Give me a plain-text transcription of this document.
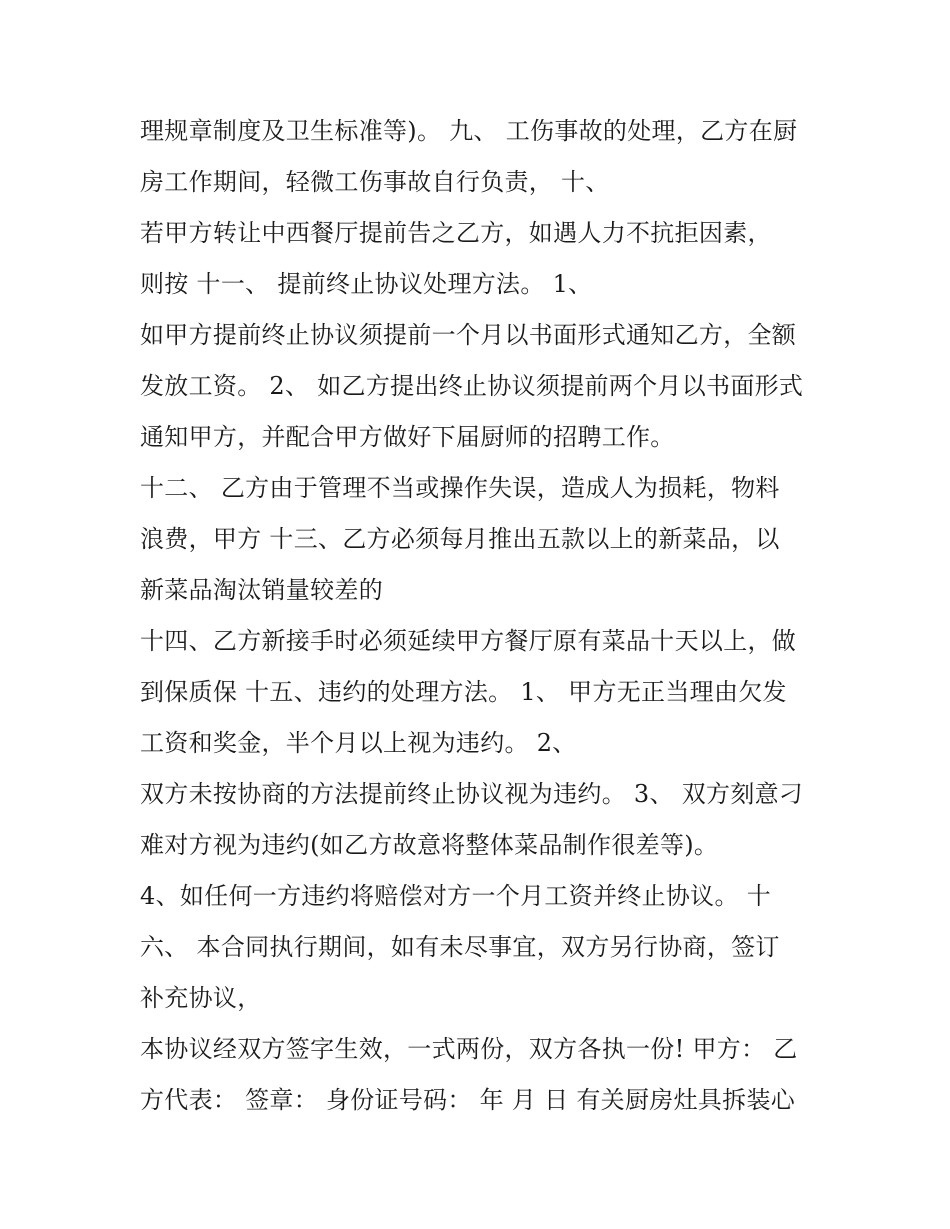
理规章制度及卫生标准等)。 九、 工伤事故的处理，乙方在厨
房工作期间，轻微工伤事故自行负责， 十、
若甲方转让中西餐厅提前告之乙方，如遇人力不抗拒因素，
则按 十一、 提前终止协议处理方法。 1、
如甲方提前终止协议须提前一个月以书面形式通知乙方，全额
发放工资。 2、 如乙方提出终止协议须提前两个月以书面形式
通知甲方，并配合甲方做好下届厨师的招聘工作。
十二、 乙方由于管理不当或操作失误，造成人为损耗，物料
浪费，甲方 十三、乙方必须每月推出五款以上的新菜品，以
新菜品淘汰销量较差的
十四、乙方新接手时必须延续甲方餐厅原有菜品十天以上，做
到保质保 十五、违约的处理方法。 1、 甲方无正当理由欠发
工资和奖金，半个月以上视为违约。 2、
双方未按协商的方法提前终止协议视为违约。 3、 双方刻意刁
难对方视为违约(如乙方故意将整体菜品制作很差等)。
4、如任何一方违约将赔偿对方一个月工资并终止协议。 十
六、 本合同执行期间，如有未尽事宜，双方另行协商，签订
补充协议，
本协议经双方签字生效，一式两份，双方各执一份! 甲方： 乙
方代表： 签章： 身份证号码： 年 月 日 有关厨房灶具拆装心
